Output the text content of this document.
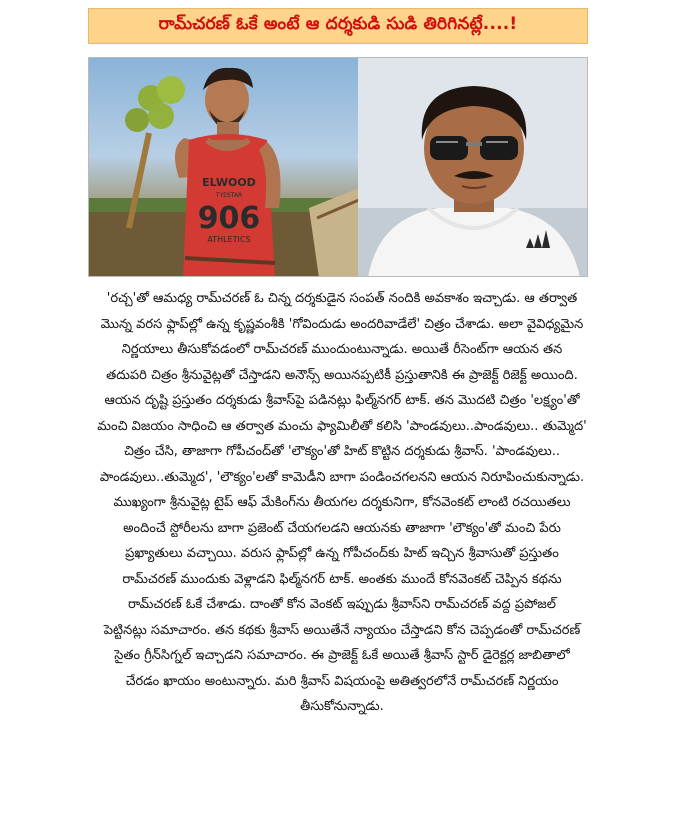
రామ్‌చరణ్ ఓకే అంటే ఆ దర్శకుడి సుడి తిరిగినట్లే....!
ELWOOD
TYESTAR
906
ATHLETICS
'రచ్చ'తో ఆమధ్య రామ్‌చరణ్ ఓ చిన్న దర్శకుడైన సంపత్ నందికి అవకాశం ఇచ్చాడు. ఆ తర్వాత
మొన్న వరస ఫ్లాప్‌ల్లో ఉన్న కృష్ణవంశీకి 'గోవిందుడు అందరివాడేలే' చిత్రం చేశాడు. అలా వైవిధ్యమైన
నిర్ణయాలు తీసుకోవడంలో రామ్‌చరణ్ ముందుంటున్నాడు. అయితే రీసెంట్‌గా ఆయన తన
తదుపరి చిత్రం శ్రీనువైట్లతో చేస్తాడని అనౌన్స్ అయినప్పటికీ ప్రస్తుతానికి ఈ ప్రాజెక్ట్ రిజెక్ట్ అయింది.
ఆయన దృష్టి ప్రస్తుతం దర్శకుడు శ్రీవాస్‌పై పడినట్లు ఫిల్మ్‌నగర్ టాక్. తన మొదటి చిత్రం 'లక్ష్యం'తో
మంచి విజయం సాధించి ఆ తర్వాత మంచు ఫ్యామిలీతో కలిసి 'పాండవులు..పాండవులు.. తుమ్మెద'
చిత్రం చేసి, తాజాగా గోపీచంద్‌తో 'లౌక్యం'తో హిట్ కొట్టిన దర్శకుడు శ్రీవాస్. 'పాండవులు..
పాండవులు..తుమ్మెద', 'లౌక్యం'లతో కామెడీని బాగా పండించగలనని ఆయన నిరూపించుకున్నాడు.
ముఖ్యంగా శ్రీనువైట్ల టైప్ ఆఫ్ మేకింగ్‌ను తీయగల దర్శకునిగా, కోనవెంకట్ లాంటి రచయితలు
అందించే స్టోరీలను బాగా ప్రజెంట్ చేయగలడని ఆయనకు తాజాగా 'లౌక్యం'తో మంచి పేరు
ప్రఖ్యాతులు వచ్చాయి. వరుస ఫ్లాప్‌ల్లో ఉన్న గోపీచంద్‌కు హిట్ ఇచ్చిన శ్రీవాసుతో ప్రస్తుతం
రామ్‌చరణ్ ముందుకు వెళ్లాడని ఫిల్మ్‌నగర్ టాక్. అంతకు ముందే కోనవెంకట్ చెప్పిన కథను
రామ్‌చరణ్ ఓకే చేశాడు. దాంతో కోన వెంకట్ ఇప్పుడు శ్రీవాస్‌ని రామ్‌చరణ్ వద్ద ప్రపోజల్
పెట్టినట్లు సమాచారం. తన కథకు శ్రీవాస్ అయితేనే న్యాయం చేస్తాడని కోన చెప్పడంతో రామ్‌చరణ్
సైతం గ్రీన్‌సిగ్నల్ ఇచ్చాడని సమాచారం. ఈ ప్రాజెక్ట్ ఓకే అయితే శ్రీవాస్ స్టార్ డైరెక్టర్ల జాబితాలో
చేరడం ఖాయం అంటున్నారు. మరి శ్రీవాస్ విషయంపై అతిత్వరలోనే రామ్‌చరణ్ నిర్ణయం
తీసుకోనున్నాడు.
